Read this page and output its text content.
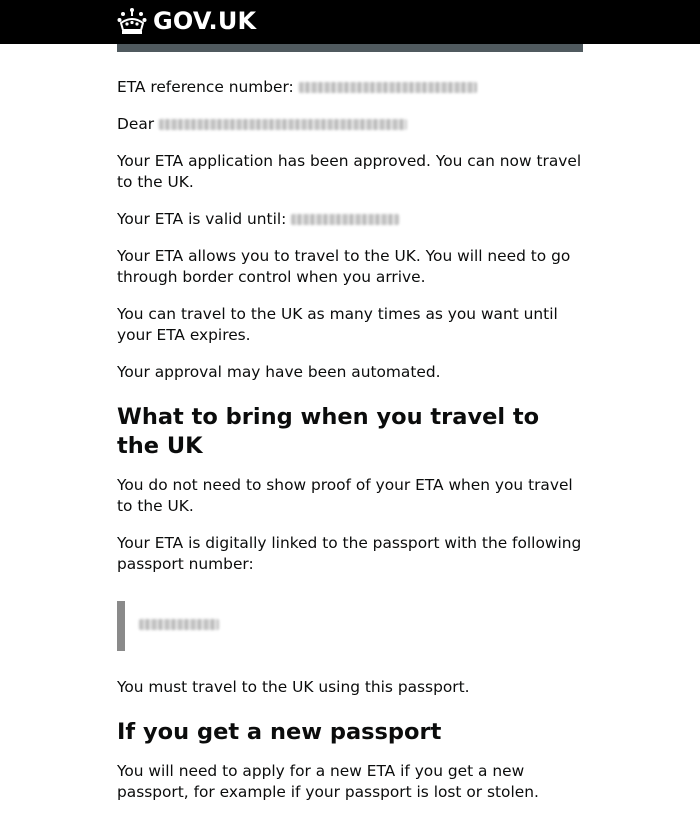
GOV.UK

ETA reference number:

Dear

Your ETA application has been approved. You can now travel to the UK.

Your ETA is valid until:

Your ETA allows you to travel to the UK. You will need to go through border control when you arrive.

You can travel to the UK as many times as you want until your ETA expires.

Your approval may have been automated.

What to bring when you travel to the UK

You do not need to show proof of your ETA when you travel to the UK.

Your ETA is digitally linked to the passport with the following passport number:

You must travel to the UK using this passport.

If you get a new passport

You will need to apply for a new ETA if you get a new passport, for example if your passport is lost or stolen.
